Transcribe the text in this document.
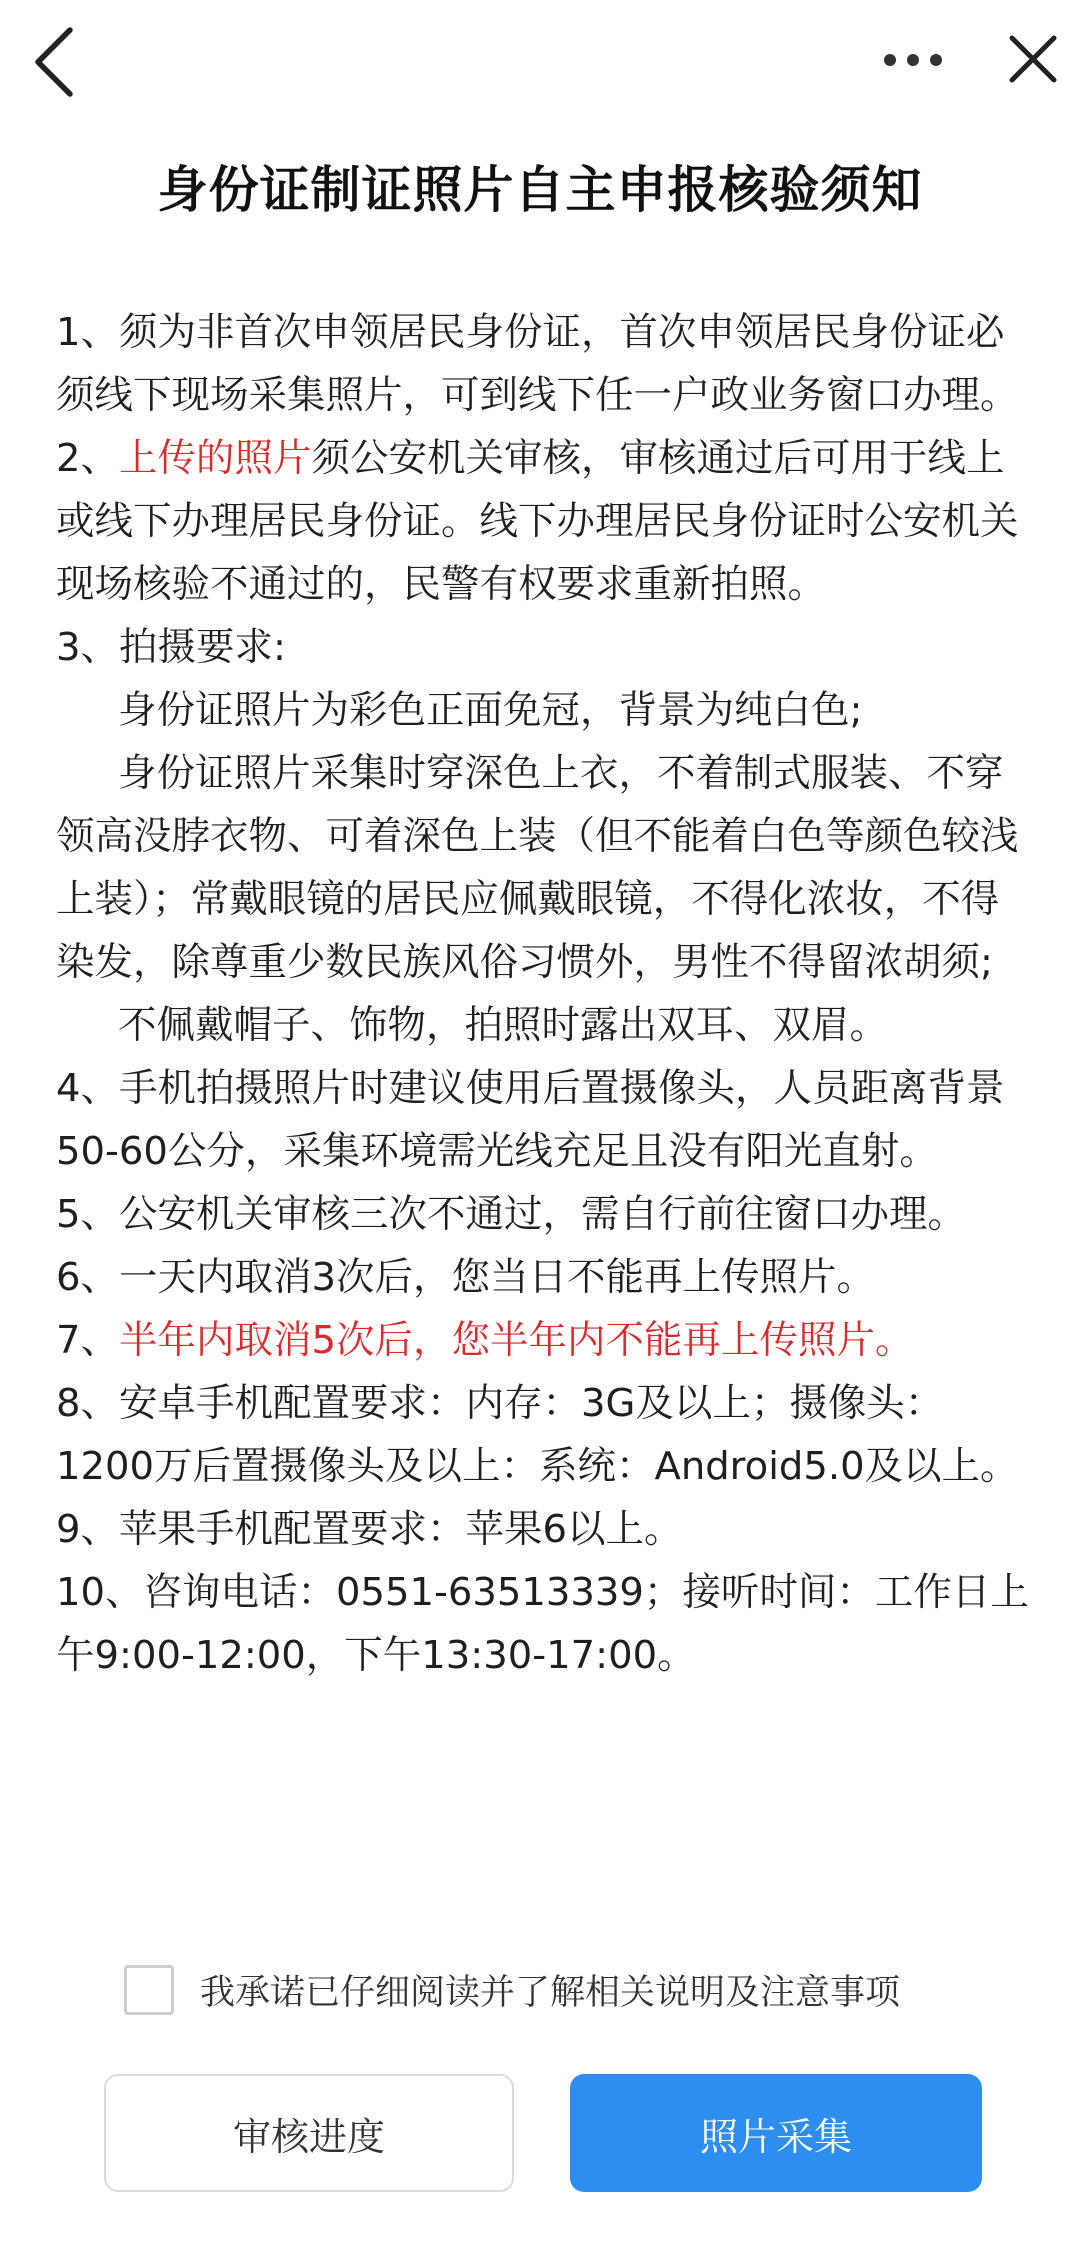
身份证制证照片自主申报核验须知

1、须为非首次申领居民身份证，首次申领居民身份证必须线下现场采集照片，可到线下任一户政业务窗口办理。

2、上传的照片须公安机关审核，审核通过后可用于线上或线下办理居民身份证。线下办理居民身份证时公安机关现场核验不通过的，民警有权要求重新拍照。

3、拍摄要求:

身份证照片为彩色正面免冠，背景为纯白色;

身份证照片采集时穿深色上衣，不着制式服装、不穿领高没脖衣物、可着深色上装（但不能着白色等颜色较浅上装）；常戴眼镜的居民应佩戴眼镜，不得化浓妆，不得染发，除尊重少数民族风俗习惯外，男性不得留浓胡须;

不佩戴帽子、饰物，拍照时露出双耳、双眉。

4、手机拍摄照片时建议使用后置摄像头，人员距离背景50-60公分，采集环境需光线充足且没有阳光直射。

5、公安机关审核三次不通过，需自行前往窗口办理。

6、一天内取消3次后，您当日不能再上传照片。

7、半年内取消5次后，您半年内不能再上传照片。

8、安卓手机配置要求：内存：3G及以上；摄像头：1200万后置摄像头及以上：系统：Android5.0及以上。

9、苹果手机配置要求：苹果6以上。

10、咨询电话：0551-63513339；接听时间：工作日上午9:00-12:00，下午13:30-17:00。

我承诺已仔细阅读并了解相关说明及注意事项
审核进度	照片采集
